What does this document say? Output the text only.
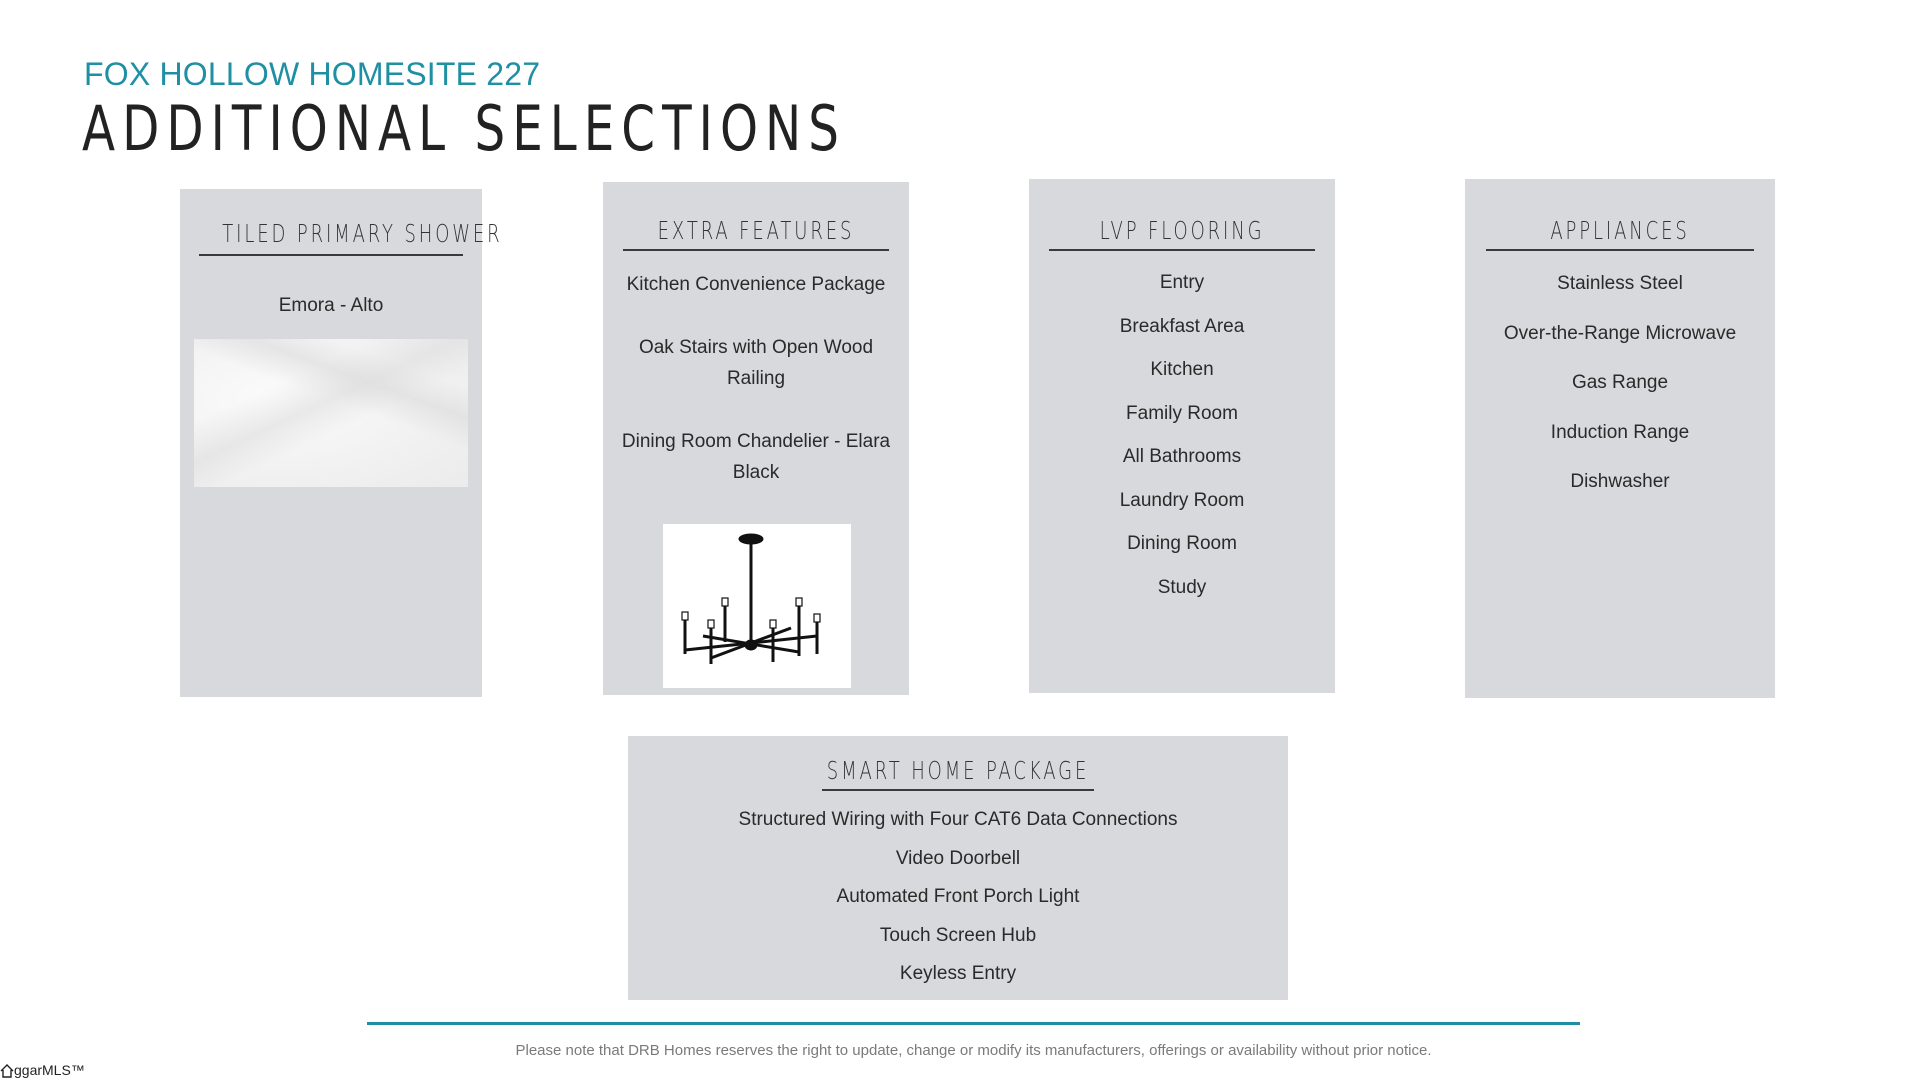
FOX HOLLOW HOMESITE 227
ADDITIONAL SELECTIONS
TILED PRIMARY SHOWER
Emora - Alto
EXTRA FEATURES
Kitchen Convenience Package
Oak Stairs with Open Wood Railing
Dining Room Chandelier - Elara Black
LVP FLOORING
Entry
Breakfast Area
Kitchen
Family Room
All Bathrooms
Laundry Room
Dining Room
Study
APPLIANCES
Stainless Steel
Over-the-Range Microwave
Gas Range
Induction Range
Dishwasher
SMART HOME PACKAGE
Structured Wiring with Four CAT6 Data Connections
Video Doorbell
Automated Front Porch Light
Touch Screen Hub
Keyless Entry
Please note that DRB Homes reserves the right to update, change or modify its manufacturers, offerings or availability without prior notice.
ggarMLS™
